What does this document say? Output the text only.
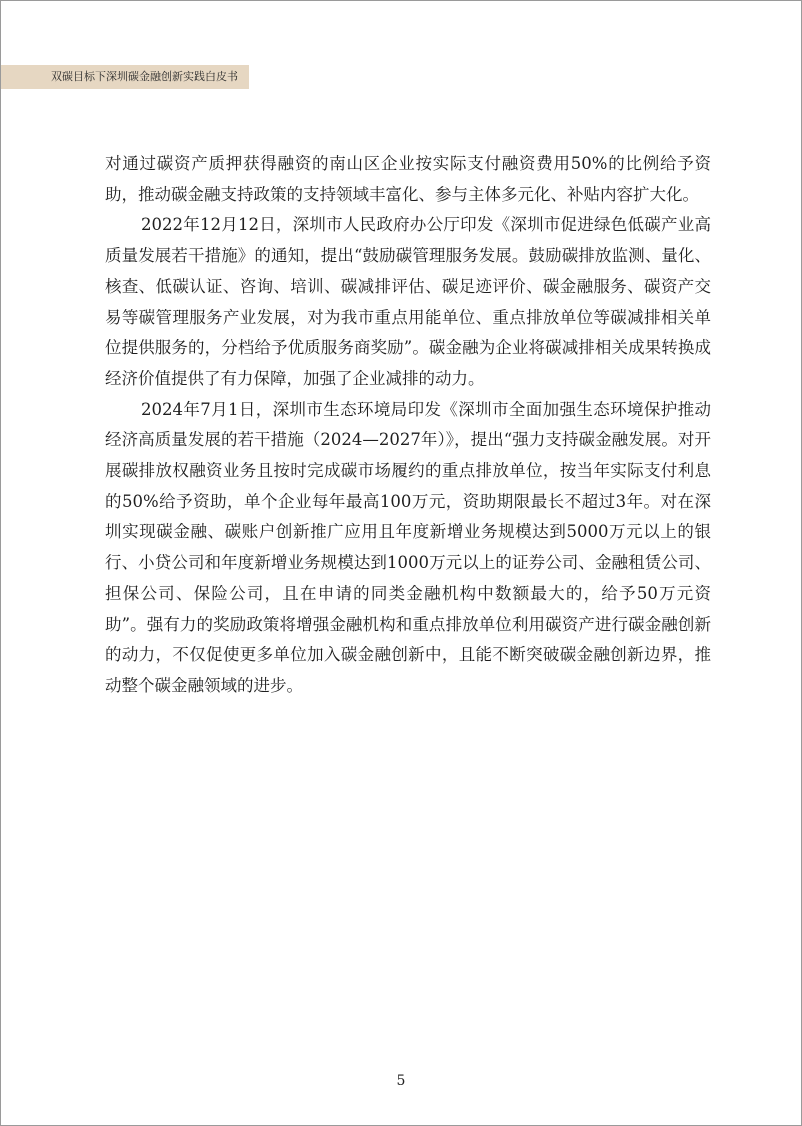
双碳目标下深圳碳金融创新实践白皮书

对通过碳资产质押获得融资的南山区企业按实际支付融资费用50%的比例给予资助，推动碳金融支持政策的支持领域丰富化、参与主体多元化、补贴内容扩大化。

2022年12月12日，深圳市人民政府办公厅印发《深圳市促进绿色低碳产业高质量发展若干措施》的通知，提出“鼓励碳管理服务发展。鼓励碳排放监测、量化、核查、低碳认证、咨询、培训、碳减排评估、碳足迹评价、碳金融服务、碳资产交易等碳管理服务产业发展，对为我市重点用能单位、重点排放单位等碳减排相关单位提供服务的，分档给予优质服务商奖励”。碳金融为企业将碳减排相关成果转换成经济价值提供了有力保障，加强了企业减排的动力。

2024年7月1日，深圳市生态环境局印发《深圳市全面加强生态环境保护推动经济高质量发展的若干措施（2024—2027年）》，提出“强力支持碳金融发展。对开展碳排放权融资业务且按时完成碳市场履约的重点排放单位，按当年实际支付利息的50%给予资助，单个企业每年最高100万元，资助期限最长不超过3年。对在深圳实现碳金融、碳账户创新推广应用且年度新增业务规模达到5000万元以上的银行、小贷公司和年度新增业务规模达到1000万元以上的证券公司、金融租赁公司、担保公司、保险公司，且在申请的同类金融机构中数额最大的，给予50万元资助”。强有力的奖励政策将增强金融机构和重点排放单位利用碳资产进行碳金融创新的动力，不仅促使更多单位加入碳金融创新中，且能不断突破碳金融创新边界，推动整个碳金融领域的进步。

5
